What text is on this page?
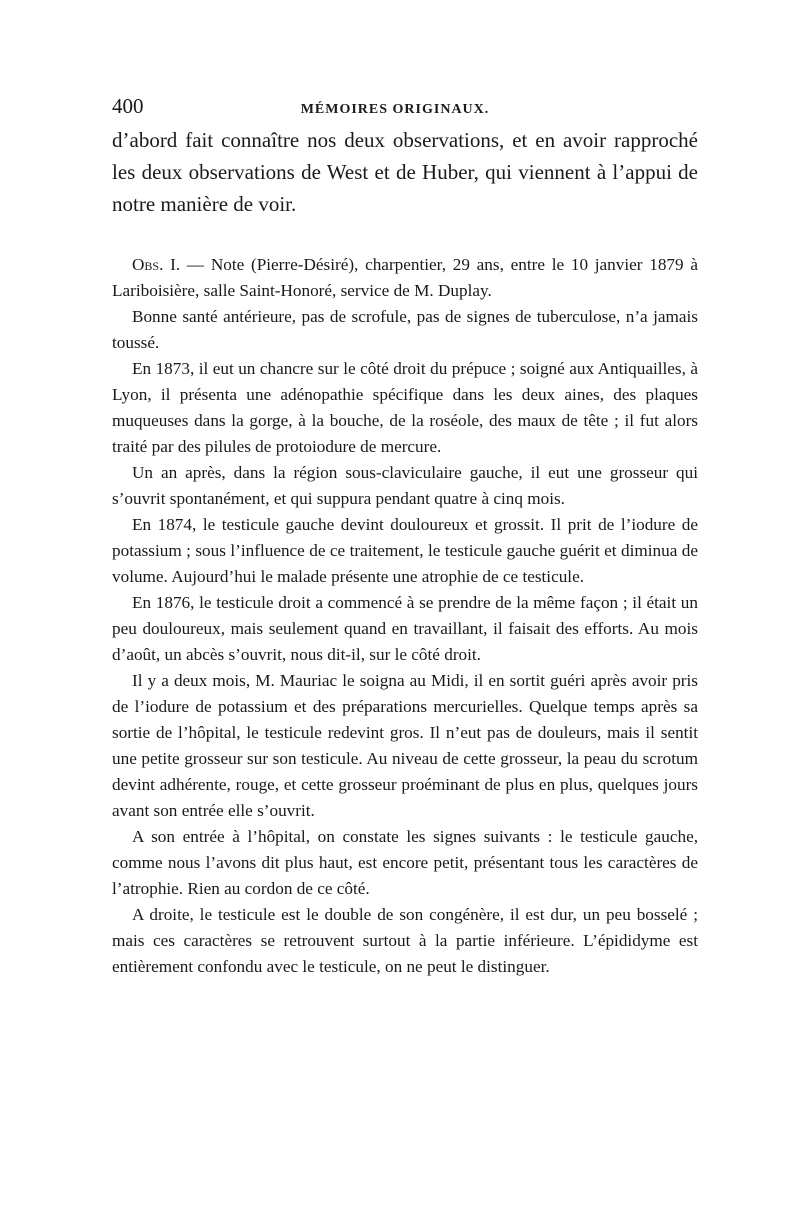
400	MÉMOIRES ORIGINAUX.

d’abord fait connaître nos deux observations, et en avoir rapproché les deux observations de West et de Huber, qui viennent à l’appui de notre manière de voir.

Obs. I. — Note (Pierre-Désiré), charpentier, 29 ans, entre le 10 janvier 1879 à Lariboisière, salle Saint-Honoré, service de M. Duplay.

Bonne santé antérieure, pas de scrofule, pas de signes de tuberculose, n’a jamais toussé.

En 1873, il eut un chancre sur le côté droit du prépuce ; soigné aux Antiquailles, à Lyon, il présenta une adénopathie spécifique dans les deux aines, des plaques muqueuses dans la gorge, à la bouche, de la roséole, des maux de tête ; il fut alors traité par des pilules de protoiodure de mercure.

Un an après, dans la région sous-claviculaire gauche, il eut une grosseur qui s’ouvrit spontanément, et qui suppura pendant quatre à cinq mois.

En 1874, le testicule gauche devint douloureux et grossit. Il prit de l’iodure de potassium ; sous l’influence de ce traitement, le testicule gauche guérit et diminua de volume. Aujourd’hui le malade présente une atrophie de ce testicule.

En 1876, le testicule droit a commencé à se prendre de la même façon ; il était un peu douloureux, mais seulement quand en travaillant, il faisait des efforts. Au mois d’août, un abcès s’ouvrit, nous dit-il, sur le côté droit.

Il y a deux mois, M. Mauriac le soigna au Midi, il en sortit guéri après avoir pris de l’iodure de potassium et des préparations mercurielles. Quelque temps après sa sortie de l’hôpital, le testicule redevint gros. Il n’eut pas de douleurs, mais il sentit une petite grosseur sur son testicule. Au niveau de cette grosseur, la peau du scrotum devint adhérente, rouge, et cette grosseur proéminant de plus en plus, quelques jours avant son entrée elle s’ouvrit.

A son entrée à l’hôpital, on constate les signes suivants : le testicule gauche, comme nous l’avons dit plus haut, est encore petit, présentant tous les caractères de l’atrophie. Rien au cordon de ce côté.

A droite, le testicule est le double de son congénère, il est dur, un peu bosselé ; mais ces caractères se retrouvent surtout à la partie inférieure. L’épididyme est entièrement confondu avec le testicule, on ne peut le distinguer.
